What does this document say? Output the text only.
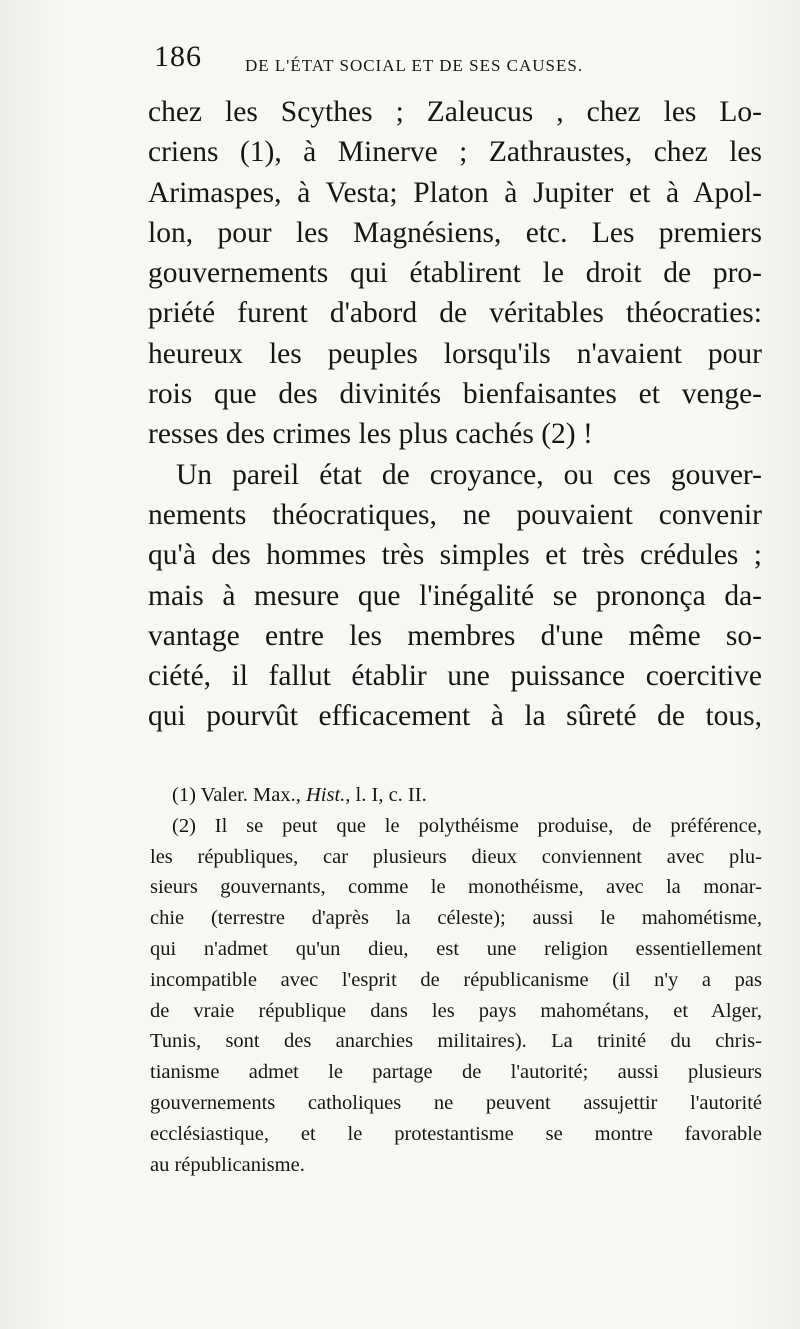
186	DE L'ÉTAT SOCIAL ET DE SES CAUSES.
chez les Scythes ; Zaleucus , chez les Lo-
criens (1), à Minerve ; Zathraustes, chez les
Arimaspes, à Vesta; Platon à Jupiter et à Apol-
lon, pour les Magnésiens, etc. Les premiers
gouvernements qui établirent le droit de pro-
priété furent d'abord de véritables théocraties:
heureux les peuples lorsqu'ils n'avaient pour
rois que des divinités bienfaisantes et venge-
resses des crimes les plus cachés (2) !
Un pareil état de croyance, ou ces gouver-
nements théocratiques, ne pouvaient convenir
qu'à des hommes très simples et très crédules ;
mais à mesure que l'inégalité se prononça da-
vantage entre les membres d'une même so-
ciété, il fallut établir une puissance coercitive
qui pourvût efficacement à la sûreté de tous,
(1) Valer. Max., Hist., l. I, c. II.
(2) Il se peut que le polythéisme produise, de préférence,
les républiques, car plusieurs dieux conviennent avec plu-
sieurs gouvernants, comme le monothéisme, avec la monar-
chie (terrestre d'après la céleste); aussi le mahométisme,
qui n'admet qu'un dieu, est une religion essentiellement
incompatible avec l'esprit de républicanisme (il n'y a pas
de vraie république dans les pays mahométans, et Alger,
Tunis, sont des anarchies militaires). La trinité du chris-
tianisme admet le partage de l'autorité; aussi plusieurs
gouvernements catholiques ne peuvent assujettir l'autorité
ecclésiastique, et le protestantisme se montre favorable
au républicanisme.
